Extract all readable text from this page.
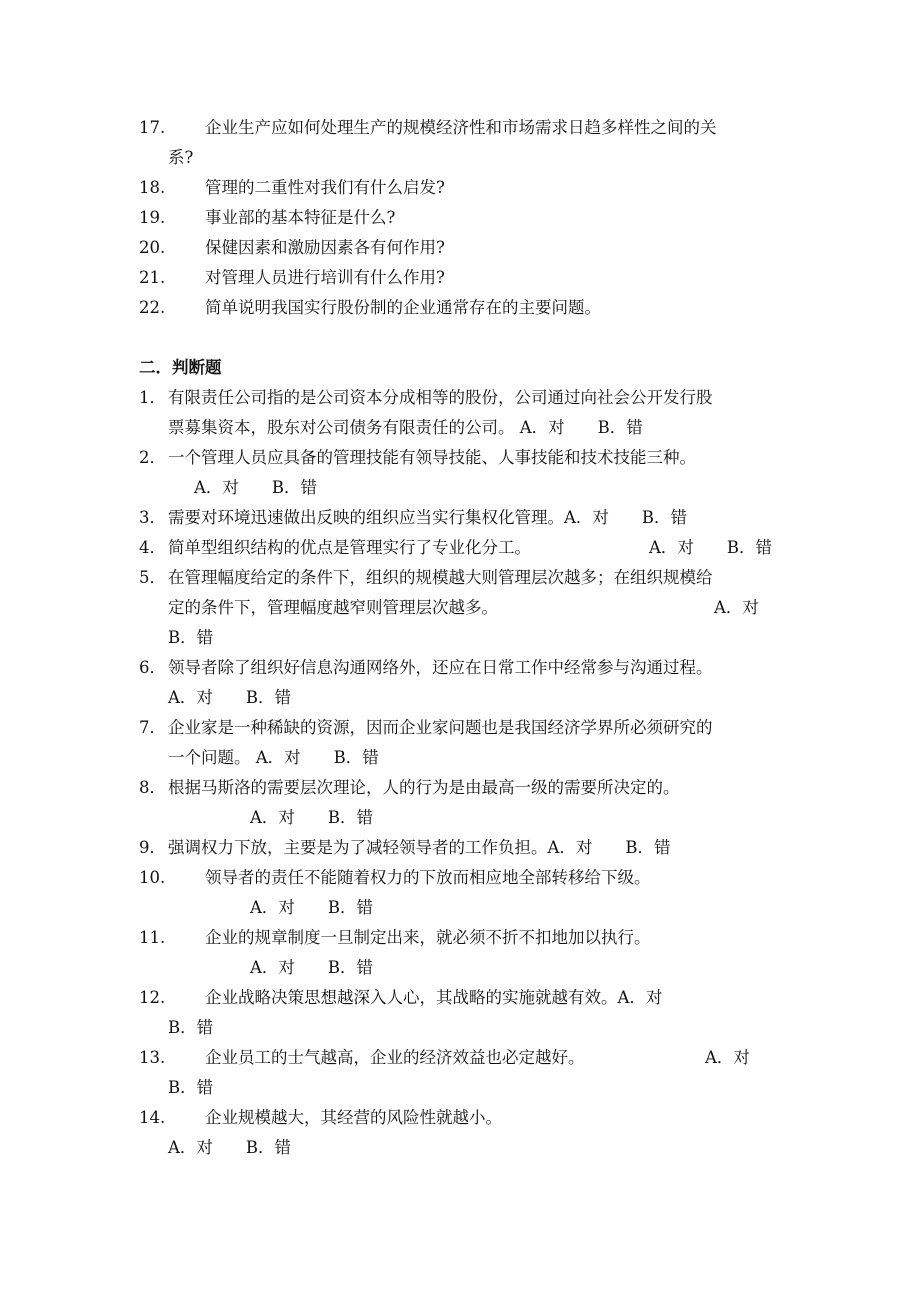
17. 企业生产应如何处理生产的规模经济性和市场需求日趋多样性之间的关
系?
18. 管理的二重性对我们有什么启发?
19. 事业部的基本特征是什么?
20. 保健因素和激励因素各有何作用?
21. 对管理人员进行培训有什么作用?
22. 简单说明我国实行股份制的企业通常存在的主要问题。
二．判断题
1． 有限责任公司指的是公司资本分成相等的股份，公司通过向社会公开发行股
票募集资本，股东对公司债务有限责任的公司。 A．对　　B．错
2． 一个管理人员应具备的管理技能有领导技能、人事技能和技术技能三种。
A．对　　B．错
3． 需要对环境迅速做出反映的组织应当实行集权化管理。A．对　　B．错
4． 简单型组织结构的优点是管理实行了专业化分工。	A．对　　B．错
5． 在管理幅度给定的条件下，组织的规模越大则管理层次越多；在组织规模给
定的条件下，管理幅度越窄则管理层次越多。	A．对
B．错
6． 领导者除了组织好信息沟通网络外，还应在日常工作中经常参与沟通过程。
A．对　　B．错
7． 企业家是一种稀缺的资源，因而企业家问题也是我国经济学界所必须研究的
一个问题。 A．对　　B．错
8． 根据马斯洛的需要层次理论，人的行为是由最高一级的需要所决定的。
A．对　　B．错
9． 强调权力下放，主要是为了减轻领导者的工作负担。A．对　　B．错
10. 领导者的责任不能随着权力的下放而相应地全部转移给下级。
A．对　　B．错
11. 企业的规章制度一旦制定出来，就必须不折不扣地加以执行。
A．对　　B．错
12. 企业战略决策思想越深入人心，其战略的实施就越有效。A．对
B．错
13. 企业员工的士气越高，企业的经济效益也必定越好。	A．对
B．错
14. 企业规模越大，其经营的风险性就越小。
A．对　　B．错
